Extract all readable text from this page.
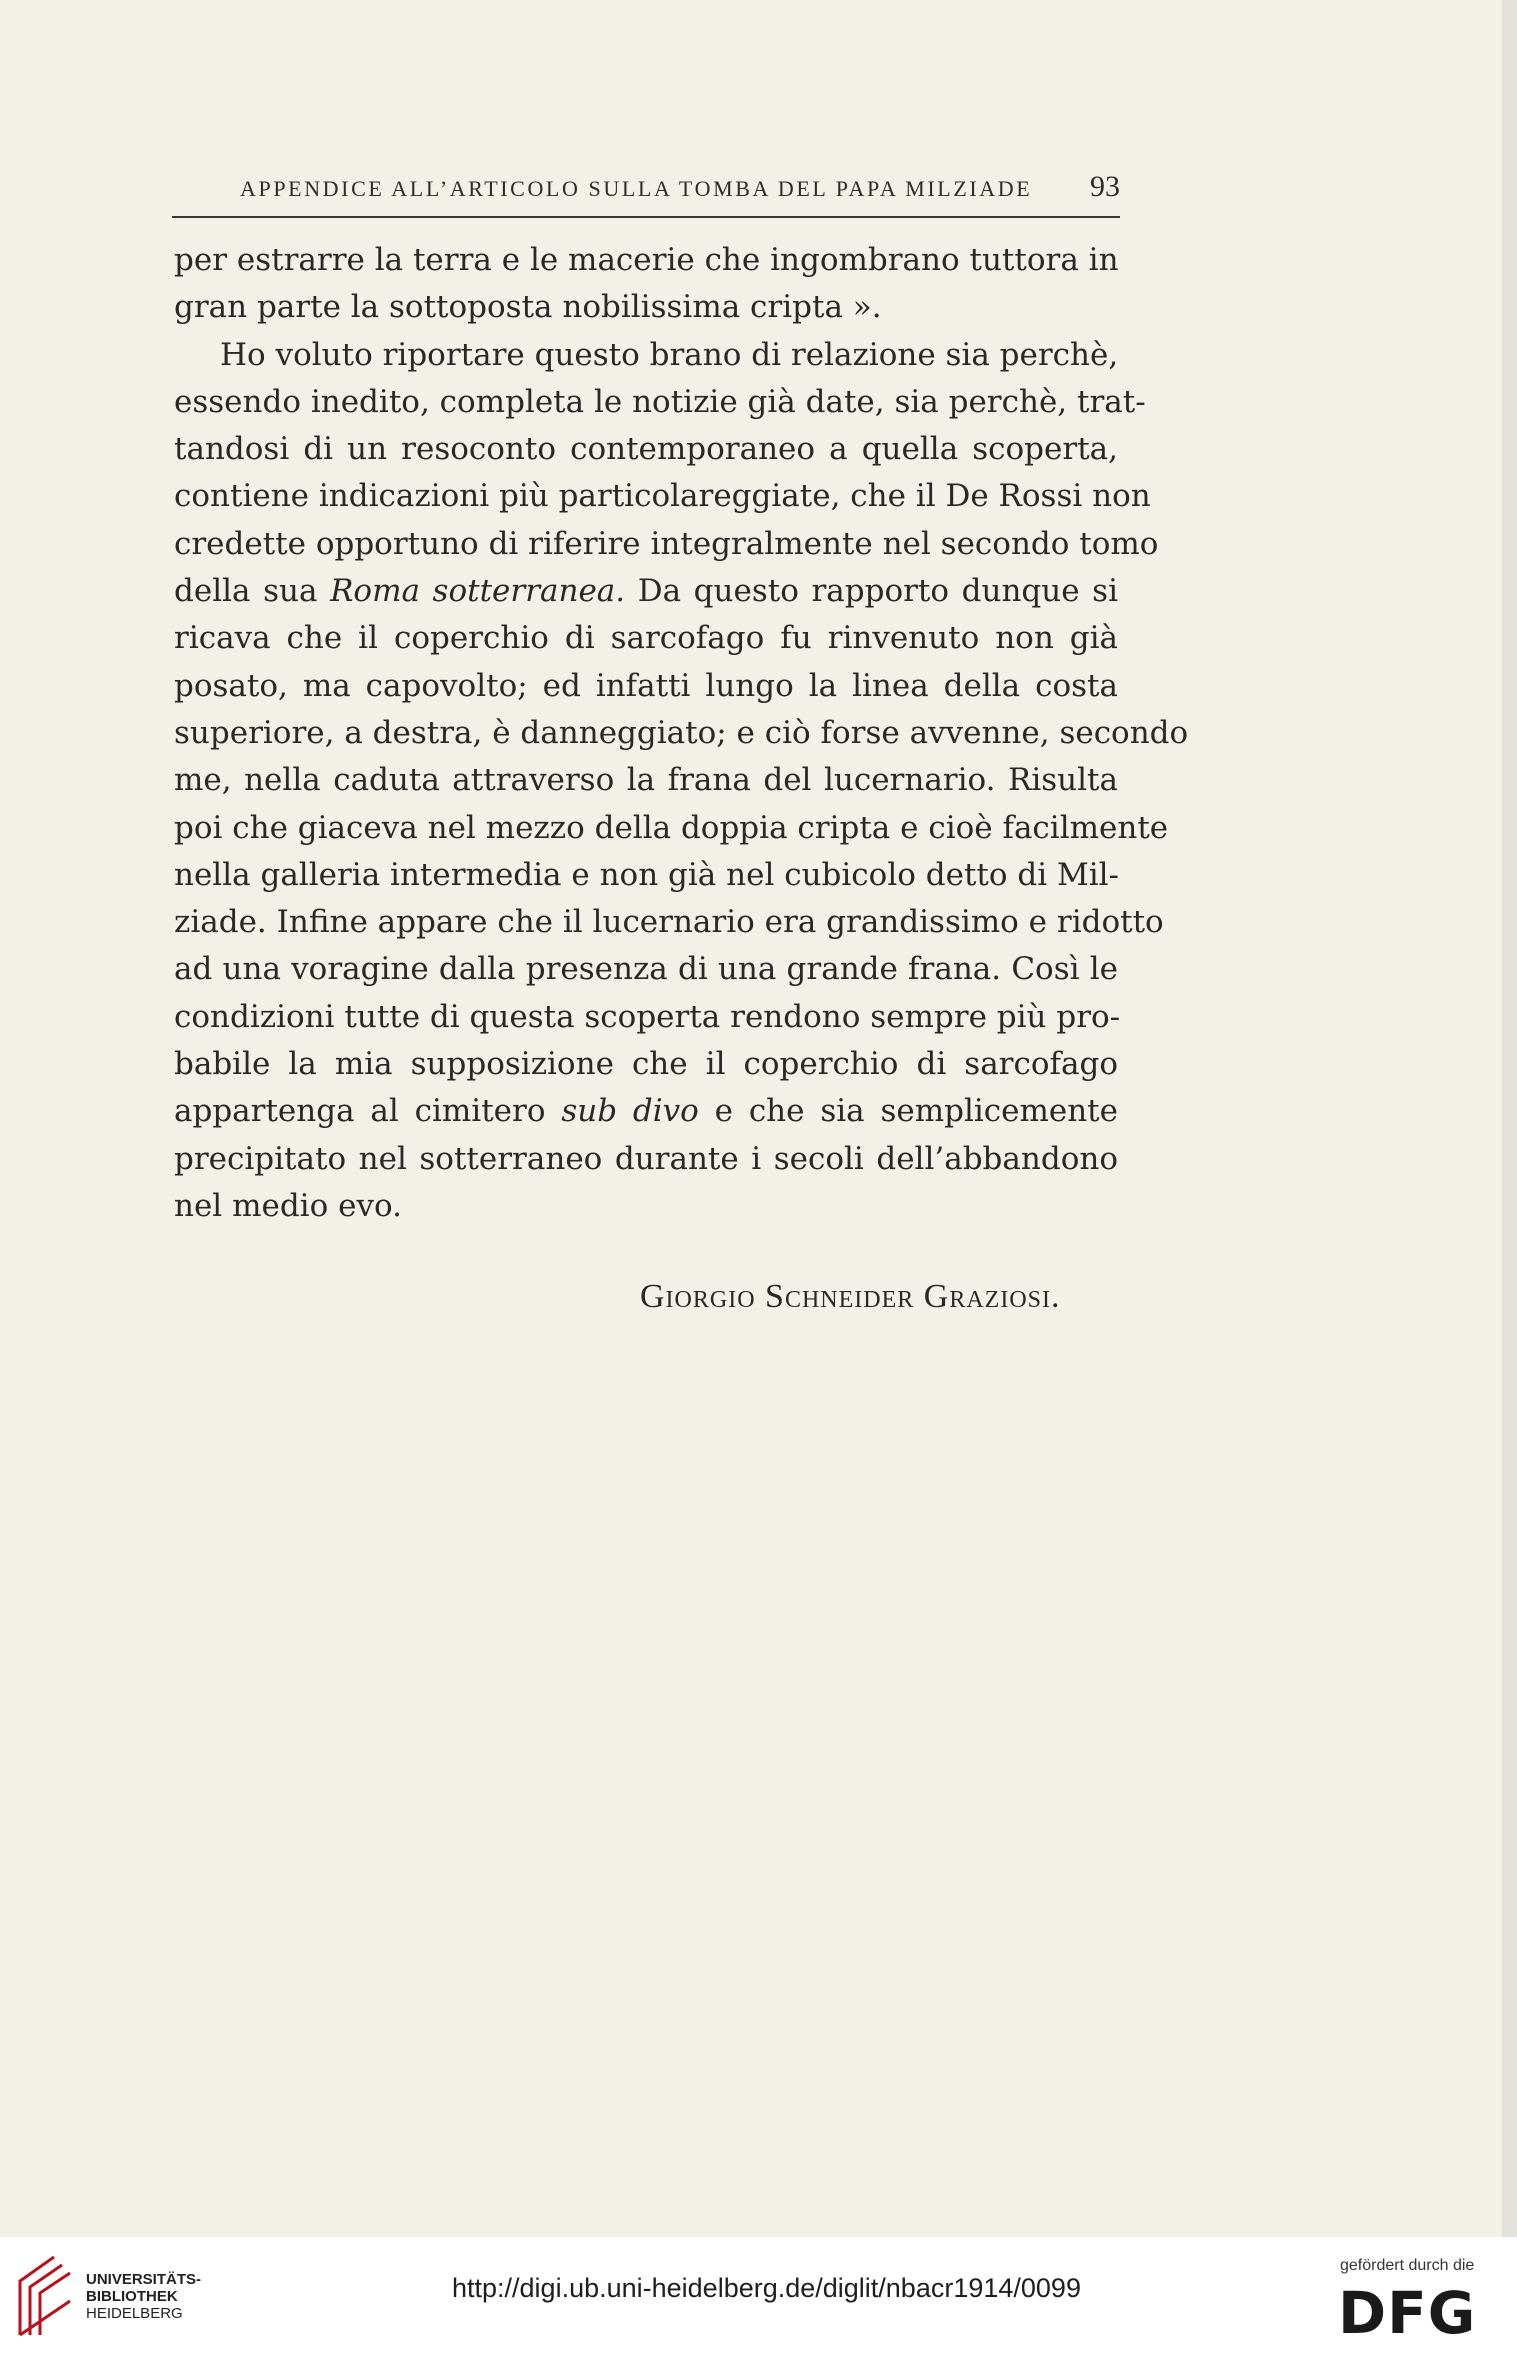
APPENDICE ALL’ARTICOLO SULLA TOMBA DEL PAPA MILZIADE 93
per estrarre la terra e le macerie che ingombrano tuttora in
gran parte la sottoposta nobilissima cripta ».
Ho voluto riportare questo brano di relazione sia perchè,
essendo inedito, completa le notizie già date, sia perchè, trat-
tandosi di un resoconto contemporaneo a quella scoperta,
contiene indicazioni più particolareggiate, che il De Rossi non
credette opportuno di riferire integralmente nel secondo tomo
della sua Roma sotterranea. Da questo rapporto dunque si
ricava che il coperchio di sarcofago fu rinvenuto non già
posato, ma capovolto; ed infatti lungo la linea della costa
superiore, a destra, è danneggiato; e ciò forse avvenne, secondo
me, nella caduta attraverso la frana del lucernario. Risulta
poi che giaceva nel mezzo della doppia cripta e cioè facilmente
nella galleria intermedia e non già nel cubicolo detto di Mil-
ziade. Infine appare che il lucernario era grandissimo e ridotto
ad una voragine dalla presenza di una grande frana. Così le
condizioni tutte di questa scoperta rendono sempre più pro-
babile la mia supposizione che il coperchio di sarcofago
appartenga al cimitero sub divo e che sia semplicemente
precipitato nel sotterraneo durante i secoli dell’abbandono
nel medio evo.
Giorgio Schneider Graziosi.
UNIVERSITÄTS-
BIBLIOTHEK
HEIDELBERG
http://digi.ub.uni-heidelberg.de/diglit/nbacr1914/0099
gefördert durch die
DFG
